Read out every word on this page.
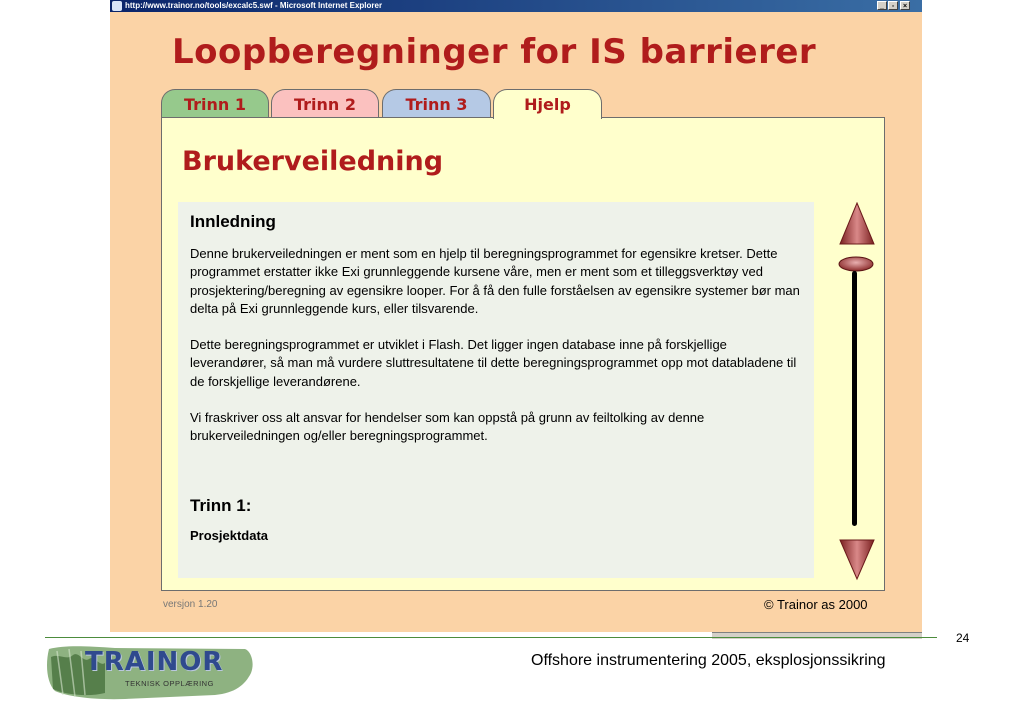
http://www.trainor.no/tools/excalc5.swf - Microsoft Internet Explorer	_	▫	×
Loopberegninger for IS barrierer
Trinn 1	Trinn 2	Trinn 3	Hjelp
Brukerveiledning
Innledning
Denne brukerveiledningen er ment som en hjelp til beregningsprogrammet for egensikre kretser. Dette programmet erstatter ikke Exi grunnleggende kursene våre, men er ment som et tilleggsverktøy ved prosjektering/beregning av egensikre looper. For å få den fulle forståelsen av egensikre systemer bør man delta på Exi grunnleggende kurs, eller tilsvarende.
Dette beregningsprogrammet er utviklet i Flash. Det ligger ingen database inne på forskjellige leverandører, så man må vurdere sluttresultatene til dette beregningsprogrammet opp mot databladene til de forskjellige leverandørene.
Vi fraskriver oss alt ansvar for hendelser som kan oppstå på grunn av feiltolking av denne brukerveiledningen og/eller beregningsprogrammet.
Trinn 1:
Prosjektdata
versjon 1.20	© Trainor as 2000
24
Offshore instrumentering 2005, eksplosjonssikring
TRAINOR
TEKNISK OPPLÆRING
